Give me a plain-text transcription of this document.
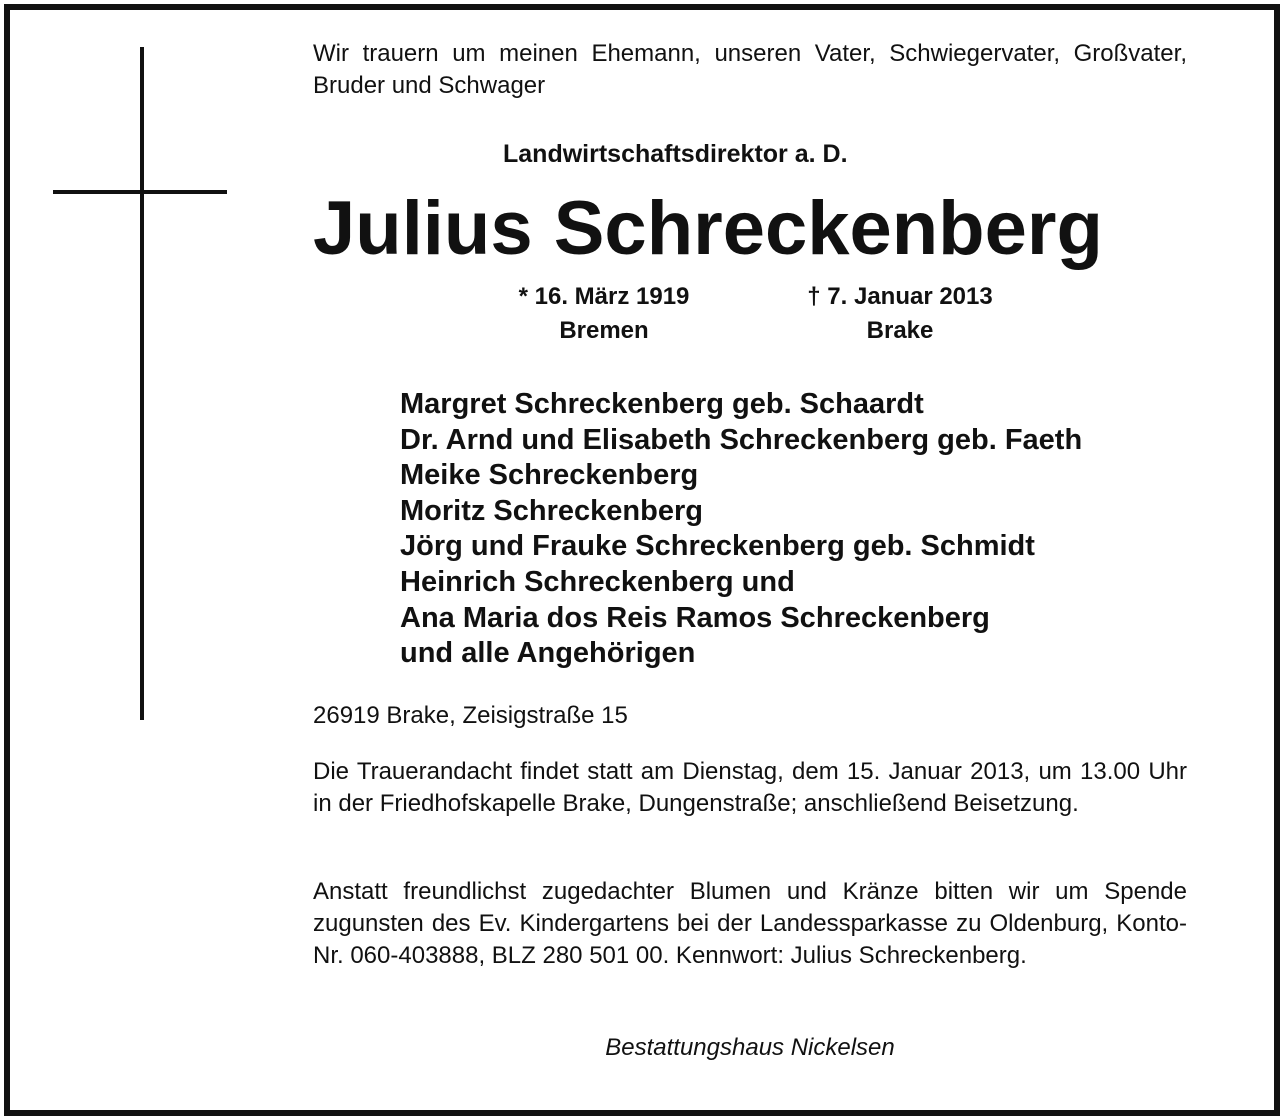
Wir trauern um meinen Ehemann, unseren Vater, Schwiegervater, Großvater, Bruder und Schwager

Landwirtschaftsdirektor a. D.
Julius Schreckenberg
* 16. März 1919
Bremen
† 7. Januar 2013
Brake
Margret Schreckenberg geb. Schaardt
Dr. Arnd und Elisabeth Schreckenberg geb. Faeth
Meike Schreckenberg
Moritz Schreckenberg
Jörg und Frauke Schreckenberg geb. Schmidt
Heinrich Schreckenberg und
Ana Maria dos Reis Ramos Schreckenberg
und alle Angehörigen
26919 Brake, Zeisigstraße 15

Die Trauerandacht findet statt am Dienstag, dem 15. Januar 2013, um 13.00 Uhr in der Friedhofskapelle Brake, Dungenstraße; anschließend Beisetzung.

Anstatt freundlichst zugedachter Blumen und Kränze bitten wir um Spende zugunsten des Ev. Kindergartens bei der Landessparkasse zu Oldenburg, Konto-Nr. 060-403888, BLZ 280 501 00. Kennwort: Julius Schreckenberg.

Bestattungshaus Nickelsen
